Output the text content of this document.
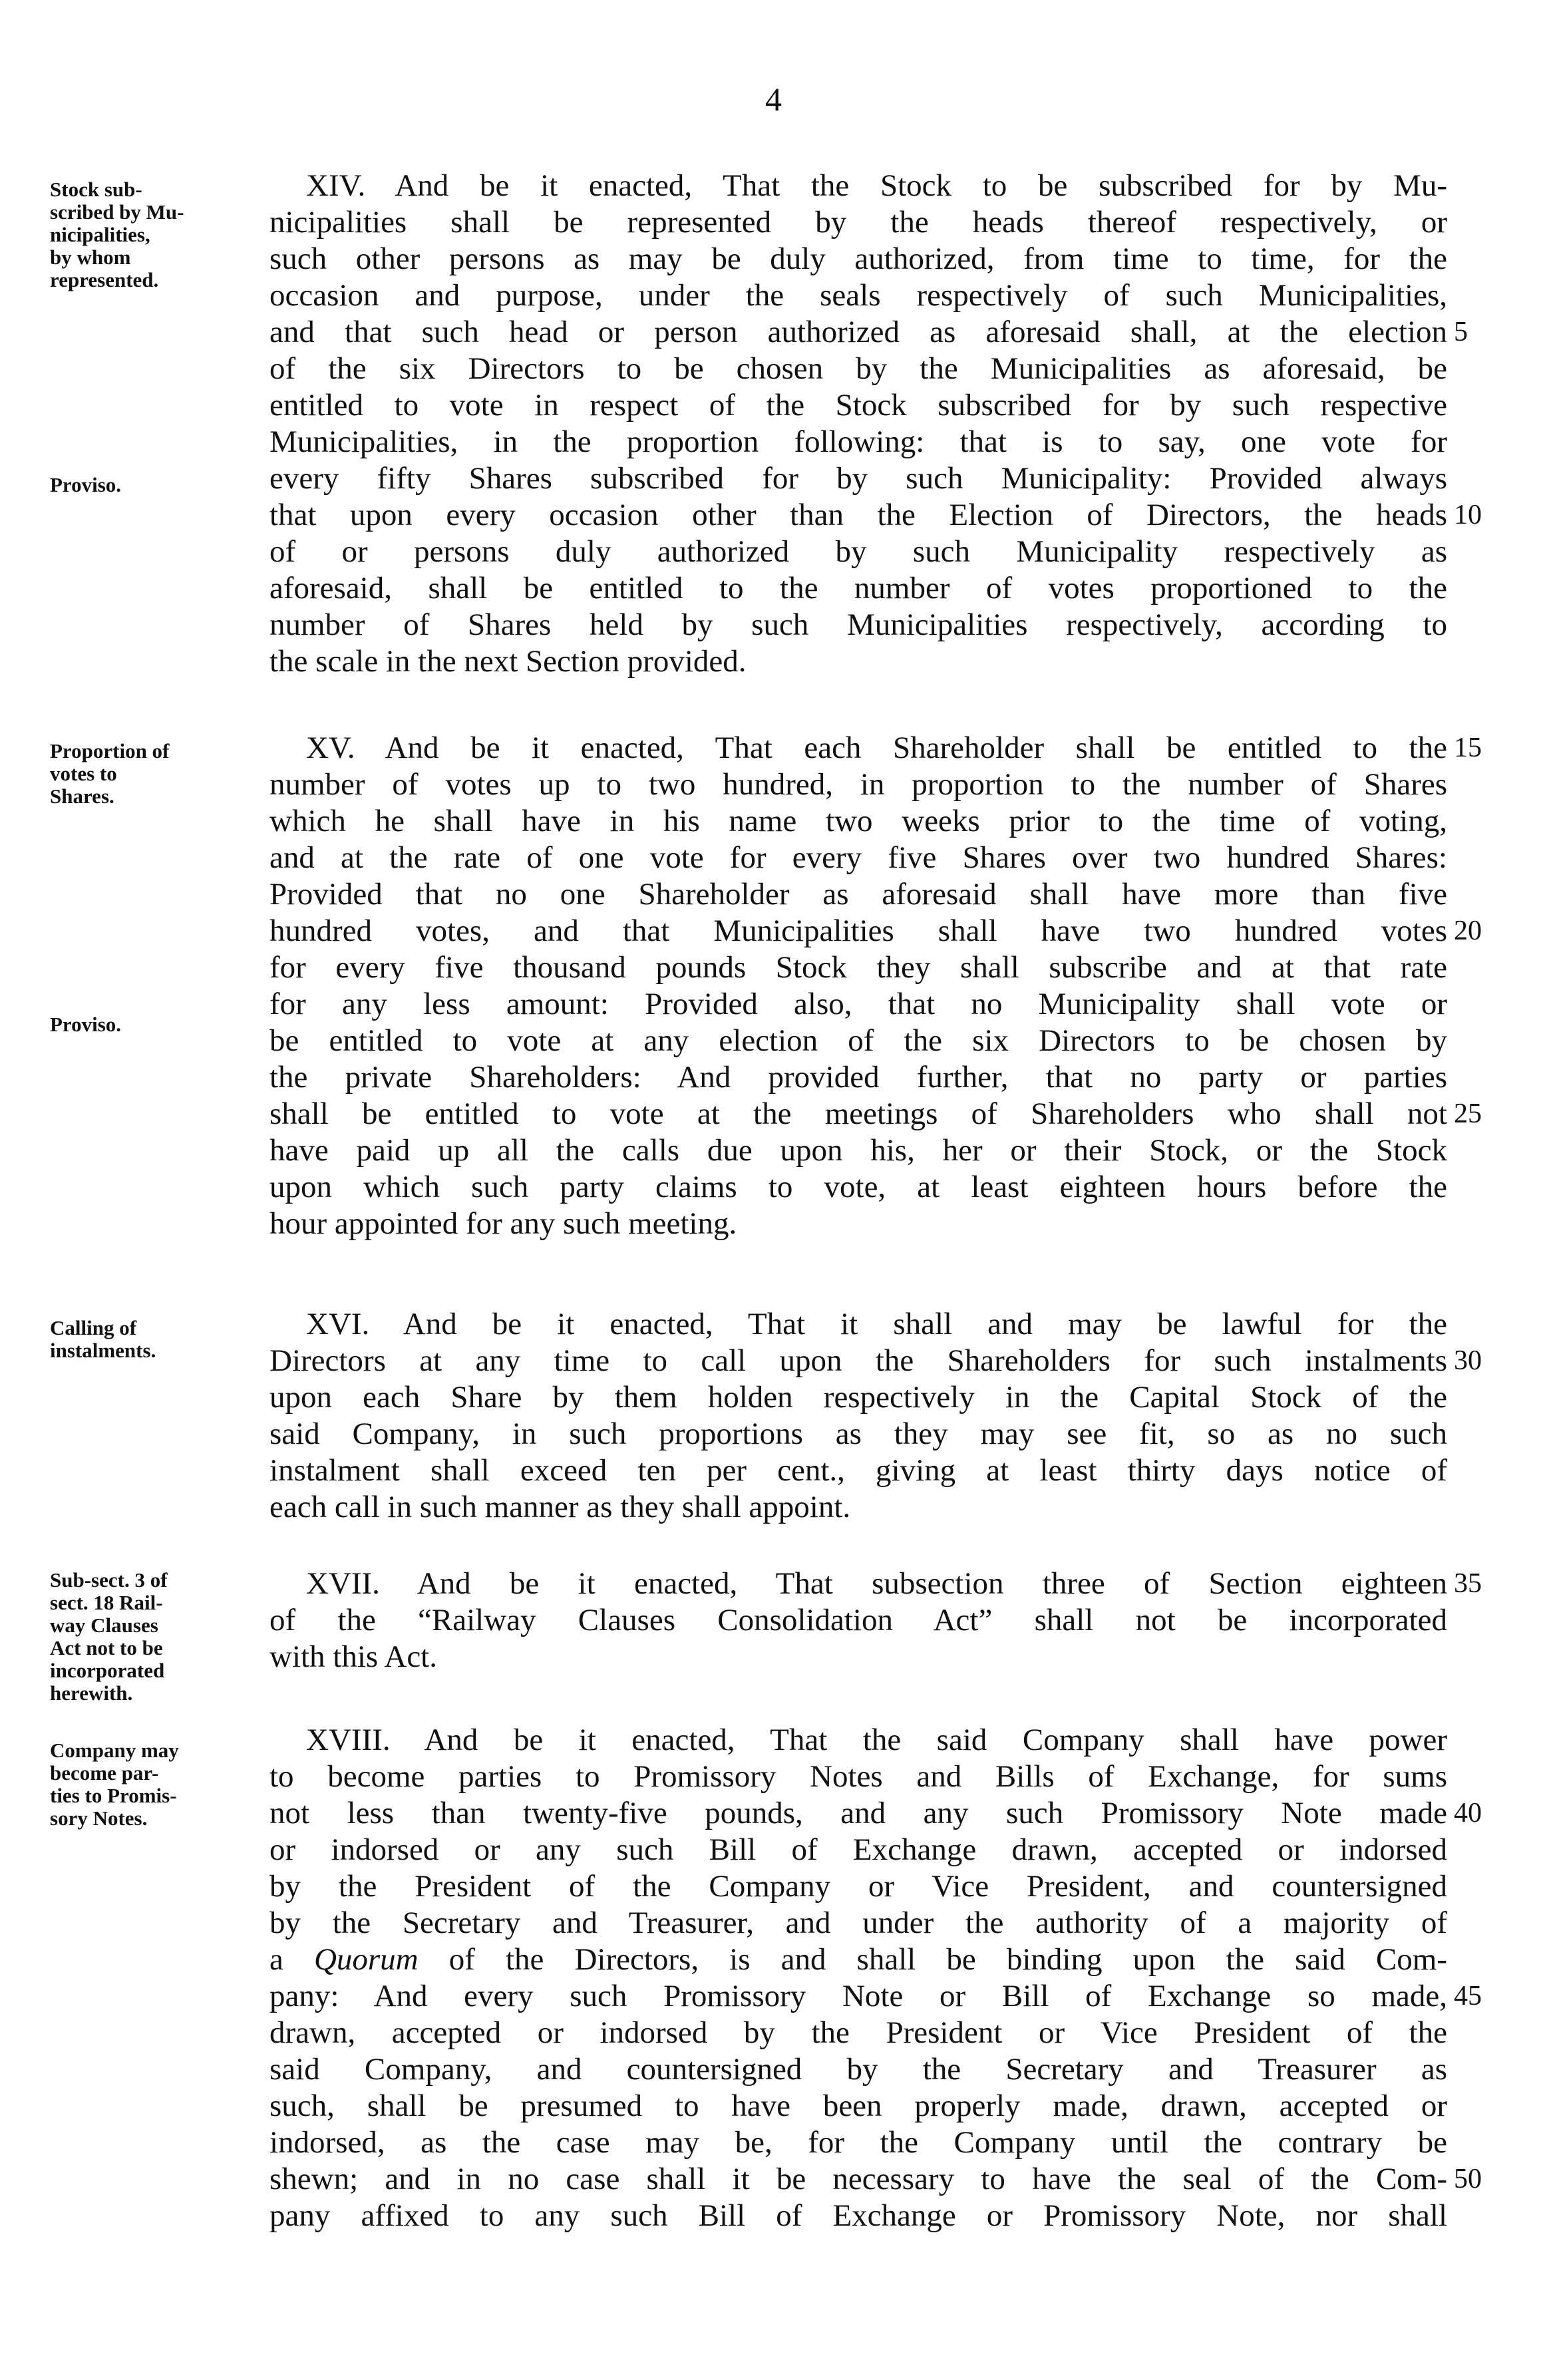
4
Stock sub-
scribed by Mu-
nicipalities,
by whom
represented.
Proviso.
Proportion of
votes to
Shares.
Proviso.
Calling of
instalments.
Sub-sect. 3 of
sect. 18 Rail-
way Clauses
Act not to be
incorporated
herewith.
Company may
become par-
ties to Promis-
sory Notes.
XIV. And be it enacted, That the Stock to be subscribed for by Mu-
nicipalities shall be represented by the heads thereof respectively, or
such other persons as may be duly authorized, from time to time, for the
occasion and purpose, under the seals respectively of such Municipalities,
and that such head or person authorized as aforesaid shall, at the election
of the six Directors to be chosen by the Municipalities as aforesaid, be
entitled to vote in respect of the Stock subscribed for by such respective
Municipalities, in the proportion following: that is to say, one vote for
every fifty Shares subscribed for by such Municipality: Provided always
that upon every occasion other than the Election of Directors, the heads
of or persons duly authorized by such Municipality respectively as
aforesaid, shall be entitled to the number of votes proportioned to the
number of Shares held by such Municipalities respectively, according to
the scale in the next Section provided.
XV. And be it enacted, That each Shareholder shall be entitled to the
number of votes up to two hundred, in proportion to the number of Shares
which he shall have in his name two weeks prior to the time of voting,
and at the rate of one vote for every five Shares over two hundred Shares:
Provided that no one Shareholder as aforesaid shall have more than five
hundred votes, and that Municipalities shall have two hundred votes
for every five thousand pounds Stock they shall subscribe and at that rate
for any less amount: Provided also, that no Municipality shall vote or
be entitled to vote at any election of the six Directors to be chosen by
the private Shareholders: And provided further, that no party or parties
shall be entitled to vote at the meetings of Shareholders who shall not
have paid up all the calls due upon his, her or their Stock, or the Stock
upon which such party claims to vote, at least eighteen hours before the
hour appointed for any such meeting.
XVI. And be it enacted, That it shall and may be lawful for the
Directors at any time to call upon the Shareholders for such instalments
upon each Share by them holden respectively in the Capital Stock of the
said Company, in such proportions as they may see fit, so as no such
instalment shall exceed ten per cent., giving at least thirty days notice of
each call in such manner as they shall appoint.
XVII. And be it enacted, That subsection three of Section eighteen
of the “Railway Clauses Consolidation Act” shall not be incorporated
with this Act.
XVIII. And be it enacted, That the said Company shall have power
to become parties to Promissory Notes and Bills of Exchange, for sums
not less than twenty-five pounds, and any such Promissory Note made
or indorsed or any such Bill of Exchange drawn, accepted or indorsed
by the President of the Company or Vice President, and countersigned
by the Secretary and Treasurer, and under the authority of a majority of
a Quorum of the Directors, is and shall be binding upon the said Com-
pany: And every such Promissory Note or Bill of Exchange so made,
drawn, accepted or indorsed by the President or Vice President of the
said Company, and countersigned by the Secretary and Treasurer as
such, shall be presumed to have been properly made, drawn, accepted or
indorsed, as the case may be, for the Company until the contrary be
shewn; and in no case shall it be necessary to have the seal of the Com-
pany affixed to any such Bill of Exchange or Promissory Note, nor shall
5
10
15
20
25
30
35
40
45
50
